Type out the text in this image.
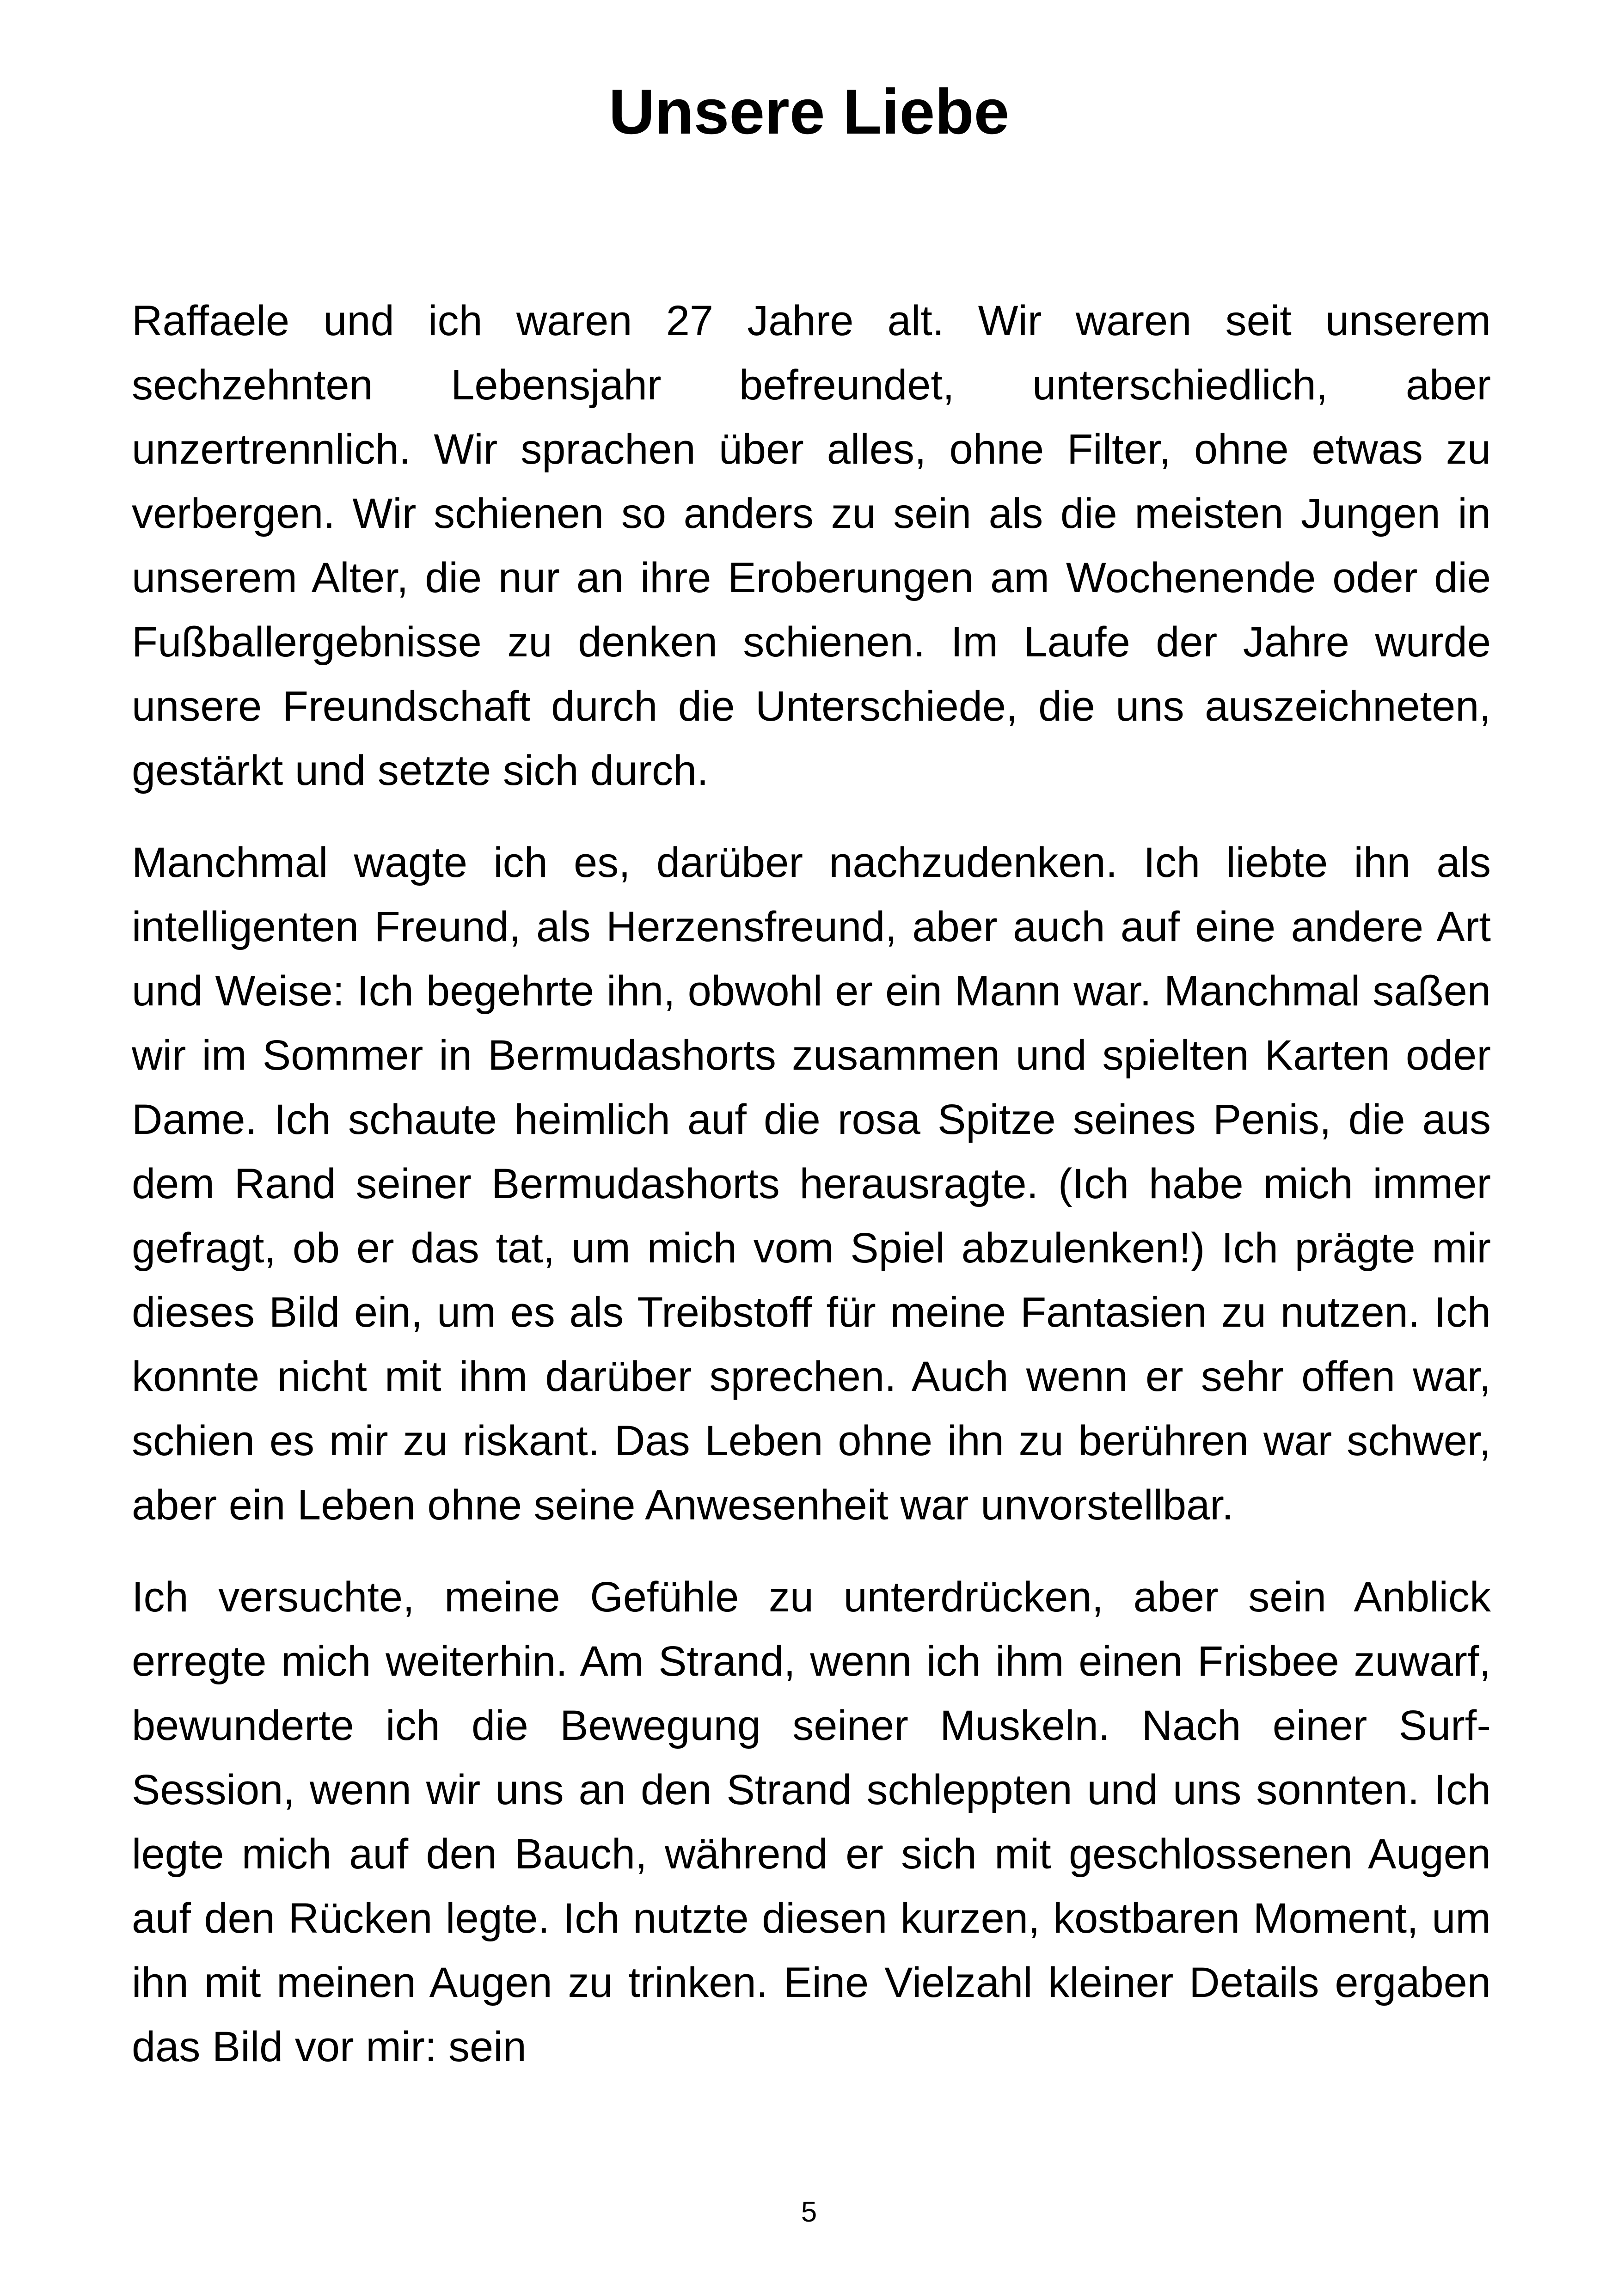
Unsere Liebe

Raffaele und ich waren 27 Jahre alt. Wir waren seit unserem sechzehnten Lebensjahr befreundet, unterschiedlich, aber unzertrennlich. Wir sprachen über alles, ohne Filter, ohne etwas zu verbergen. Wir schienen so anders zu sein als die meisten Jungen in unserem Alter, die nur an ihre Eroberungen am Wochenende oder die Fußballergebnisse zu denken schienen. Im Laufe der Jahre wurde unsere Freundschaft durch die Unterschiede, die uns auszeichneten, gestärkt und setzte sich durch.

Manchmal wagte ich es, darüber nachzudenken. Ich liebte ihn als intelligenten Freund, als Herzensfreund, aber auch auf eine andere Art und Weise: Ich begehrte ihn, obwohl er ein Mann war. Manchmal saßen wir im Sommer in Bermudashorts zusammen und spielten Karten oder Dame. Ich schaute heimlich auf die rosa Spitze seines Penis, die aus dem Rand seiner Bermudashorts herausragte. (Ich habe mich immer gefragt, ob er das tat, um mich vom Spiel abzulenken!) Ich prägte mir dieses Bild ein, um es als Treibstoff für meine Fantasien zu nutzen. Ich konnte nicht mit ihm darüber sprechen. Auch wenn er sehr offen war, schien es mir zu riskant. Das Leben ohne ihn zu berühren war schwer, aber ein Leben ohne seine Anwesenheit war unvorstellbar.

Ich versuchte, meine Gefühle zu unterdrücken, aber sein Anblick erregte mich weiterhin. Am Strand, wenn ich ihm einen Frisbee zuwarf, bewunderte ich die Bewegung seiner Muskeln. Nach einer Surf-Session, wenn wir uns an den Strand schleppten und uns sonnten. Ich legte mich auf den Bauch, während er sich mit geschlossenen Augen auf den Rücken legte. Ich nutzte diesen kurzen, kostbaren Moment, um ihn mit meinen Augen zu trinken. Eine Vielzahl kleiner Details ergaben das Bild vor mir: sein

5
